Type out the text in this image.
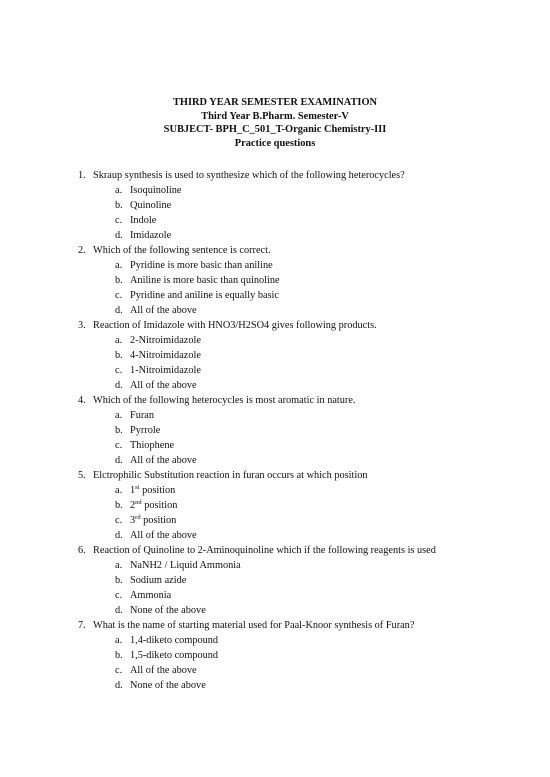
THIRD YEAR SEMESTER EXAMINATION
Third Year B.Pharm. Semester-V
SUBJECT- BPH_C_501_T-Organic Chemistry-III
Practice questions
1. Skraup synthesis is used to synthesize which of the following heterocycles?
a. Isoquinoline
b. Quinoline
c. Indole
d. Imidazole
2. Which of the following sentence is correct.
a. Pyridine is more basic than aniline
b. Aniline is more basic than quinoline
c. Pyridine and aniline is equally basic
d. All of the above
3. Reaction of Imidazole with HNO3/H2SO4 gives following products.
a. 2-Nitroimidazole
b. 4-Nitroimidazole
c. 1-Nitroimidazole
d. All of the above
4. Which of the following heterocycles is most aromatic in nature.
a. Furan
b. Pyrrole
c. Thiophene
d. All of the above
5. Elctrophilic Substitution reaction in furan occurs at which position
a. 1st position
b. 2nd position
c. 3rd position
d. All of the above
6. Reaction of Quinoline to 2-Aminoquinoline which if the following reagents is used
a. NaNH2 / Liquid Ammonia
b. Sodium azide
c. Ammonia
d. None of the above
7. What is the name of starting material used for Paal-Knoor synthesis of Furan?
a. 1,4-diketo compound
b. 1,5-diketo compound
c. All of the above
d. None of the above
